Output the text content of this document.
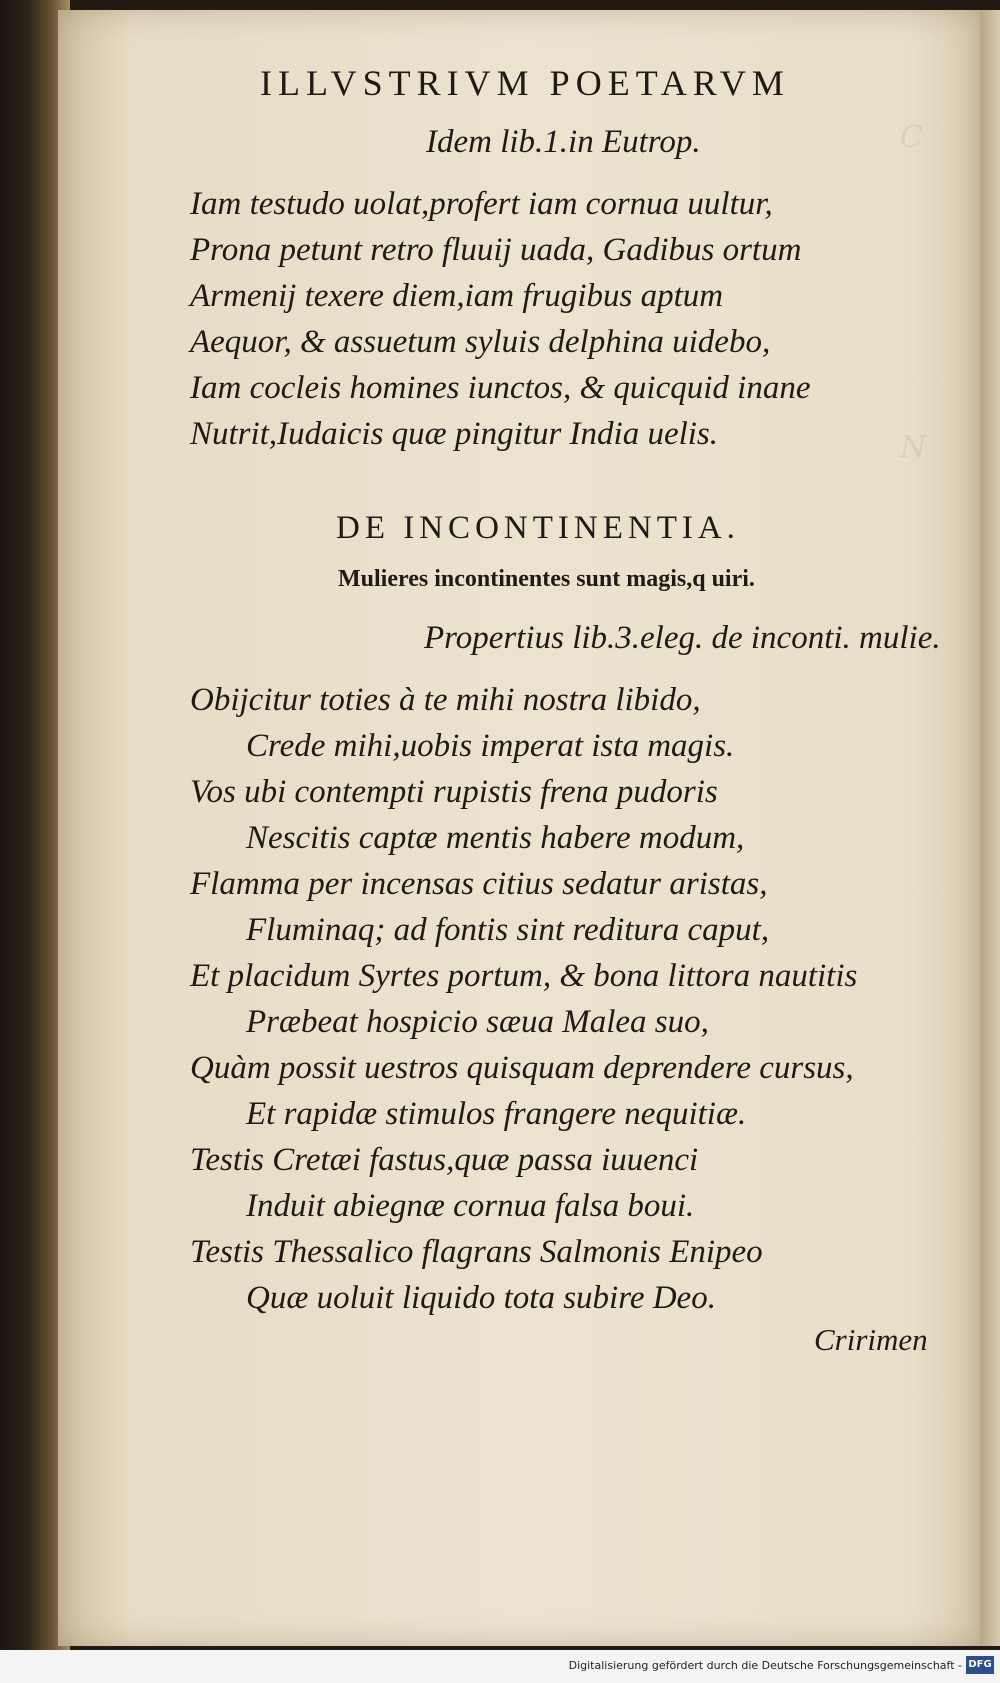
C
N
ILLVSTRIVM POETARVM
Idem lib.1.in Eutrop.
Iam testudo uolat,profert iam cornua uultur,
Prona petunt retro fluuij uada, Gadibus ortum
Armenij texere diem,iam frugibus aptum
Aequor, & assuetum syluis delphina uidebo,
Iam cocleis homines iunctos, & quicquid inane
Nutrit,Iudaicis quæ pingitur India uelis.
DE INCONTINENTIA.
Mulieres incontinentes sunt magis,q uiri.
Propertius lib.3.eleg. de inconti. mulie.
Obijcitur toties à te mihi nostra libido,
Crede mihi,uobis imperat ista magis.
Vos ubi contempti rupistis frena pudoris
Nescitis captæ mentis habere modum,
Flamma per incensas citius sedatur aristas,
Fluminaq; ad fontis sint reditura caput,
Et placidum Syrtes portum, & bona littora nautitis
Præbeat hospicio sæua Malea suo,
Quàm possit uestros quisquam deprendere cursus,
Et rapidæ stimulos frangere nequitiæ.
Testis Cretæi fastus,quæ passa iuuenci
Induit abiegnæ cornua falsa boui.
Testis Thessalico flagrans Salmonis Enipeo
Quæ uoluit liquido tota subire Deo.
Cririmen
Digitalisierung gefördert durch die Deutsche Forschungsgemeinschaft - DFG
